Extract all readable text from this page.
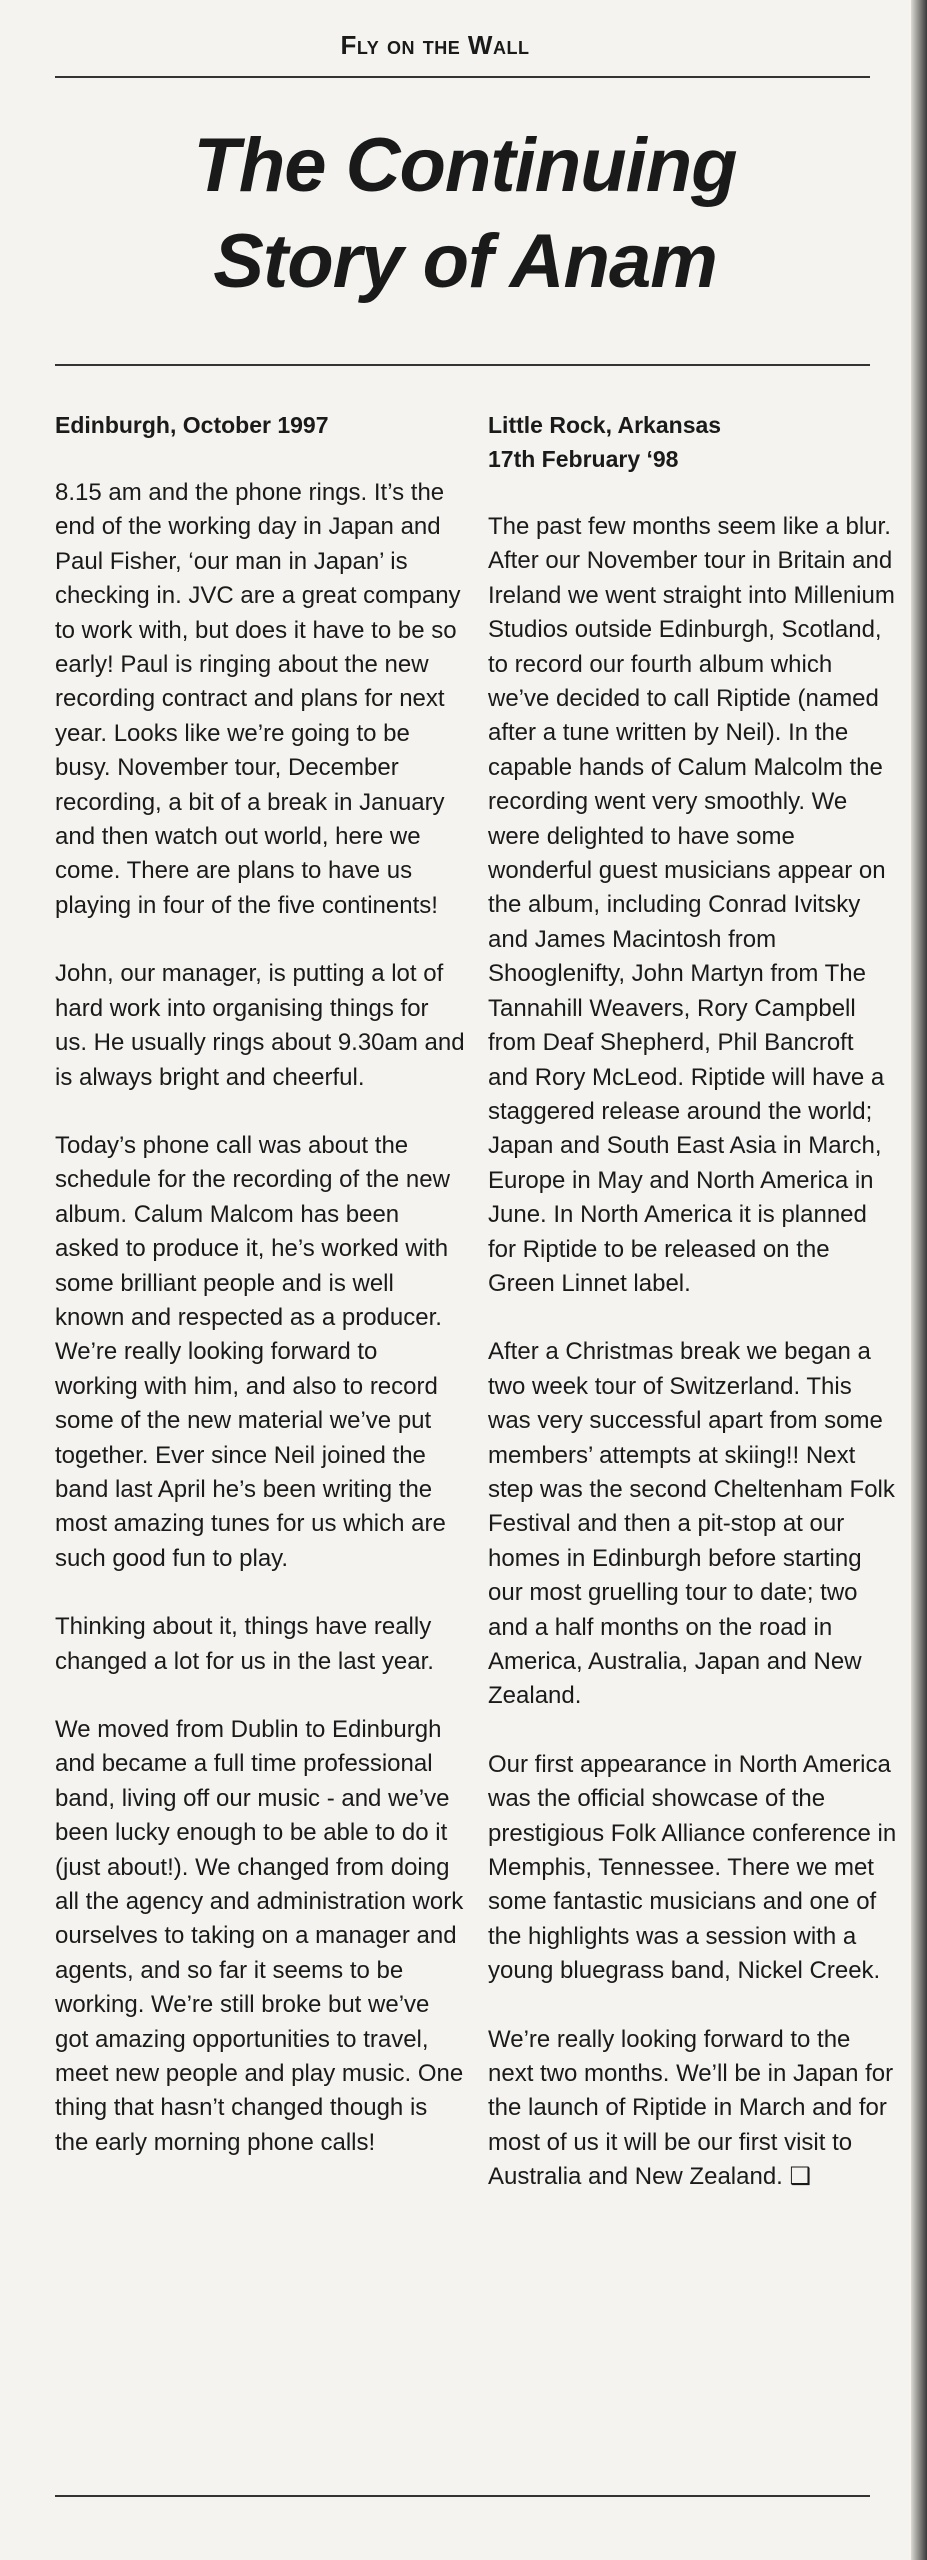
Fly on the Wall
The Continuing
Story of Anam
Edinburgh, October 1997

8.15 am and the phone rings. It’s the end of the working day in Japan and Paul Fisher, ‘our man in Japan’ is checking in. JVC are a great company to work with, but does it have to be so early! Paul is ringing about the new recording contract and plans for next year. Looks like we’re going to be busy. November tour, December recording, a bit of a break in January and then watch out world, here we come. There are plans to have us playing in four of the five continents!

John, our manager, is putting a lot of hard work into organising things for us. He usually rings about 9.30am and is always bright and cheerful.

Today’s phone call was about the schedule for the recording of the new album. Calum Malcom has been asked to produce it, he’s worked with some brilliant people and is well known and respected as a producer. We’re really looking forward to working with him, and also to record some of the new material we’ve put together. Ever since Neil joined the band last April he’s been writing the most amazing tunes for us which are such good fun to play.

Thinking about it, things have really changed a lot for us in the last year.

We moved from Dublin to Edinburgh and became a full time professional band, living off our music - and we’ve been lucky enough to be able to do it (just about!). We changed from doing all the agency and administration work ourselves to taking on a manager and agents, and so far it seems to be working. We’re still broke but we’ve got amazing opportunities to travel, meet new people and play music. One thing that hasn’t changed though is the early morning phone calls!

Little Rock, Arkansas
17th February ‘98

The past few months seem like a blur. After our November tour in Britain and Ireland we went straight into Millenium Studios outside Edinburgh, Scotland, to record our fourth album which we’ve decided to call Riptide (named after a tune written by Neil). In the capable hands of Calum Malcolm the recording went very smoothly. We were delighted to have some wonderful guest musicians appear on the album, including Conrad Ivitsky and James Macintosh from Shooglenifty, John Martyn from The Tannahill Weavers, Rory Campbell from Deaf Shepherd, Phil Bancroft and Rory McLeod. Riptide will have a staggered release around the world; Japan and South East Asia in March, Europe in May and North America in June. In North America it is planned for Riptide to be released on the Green Linnet label.

After a Christmas break we began a two week tour of Switzerland. This was very successful apart from some members’ attempts at skiing!! Next step was the second Cheltenham Folk Festival and then a pit-stop at our homes in Edinburgh before starting our most gruelling tour to date; two and a half months on the road in America, Australia, Japan and New Zealand.

Our first appearance in North America was the official showcase of the prestigious Folk Alliance conference in Memphis, Tennessee. There we met some fantastic musicians and one of the highlights was a session with a young bluegrass band, Nickel Creek.

We’re really looking forward to the next two months. We’ll be in Japan for the launch of Riptide in March and for most of us it will be our first visit to Australia and New Zealand. ❑
